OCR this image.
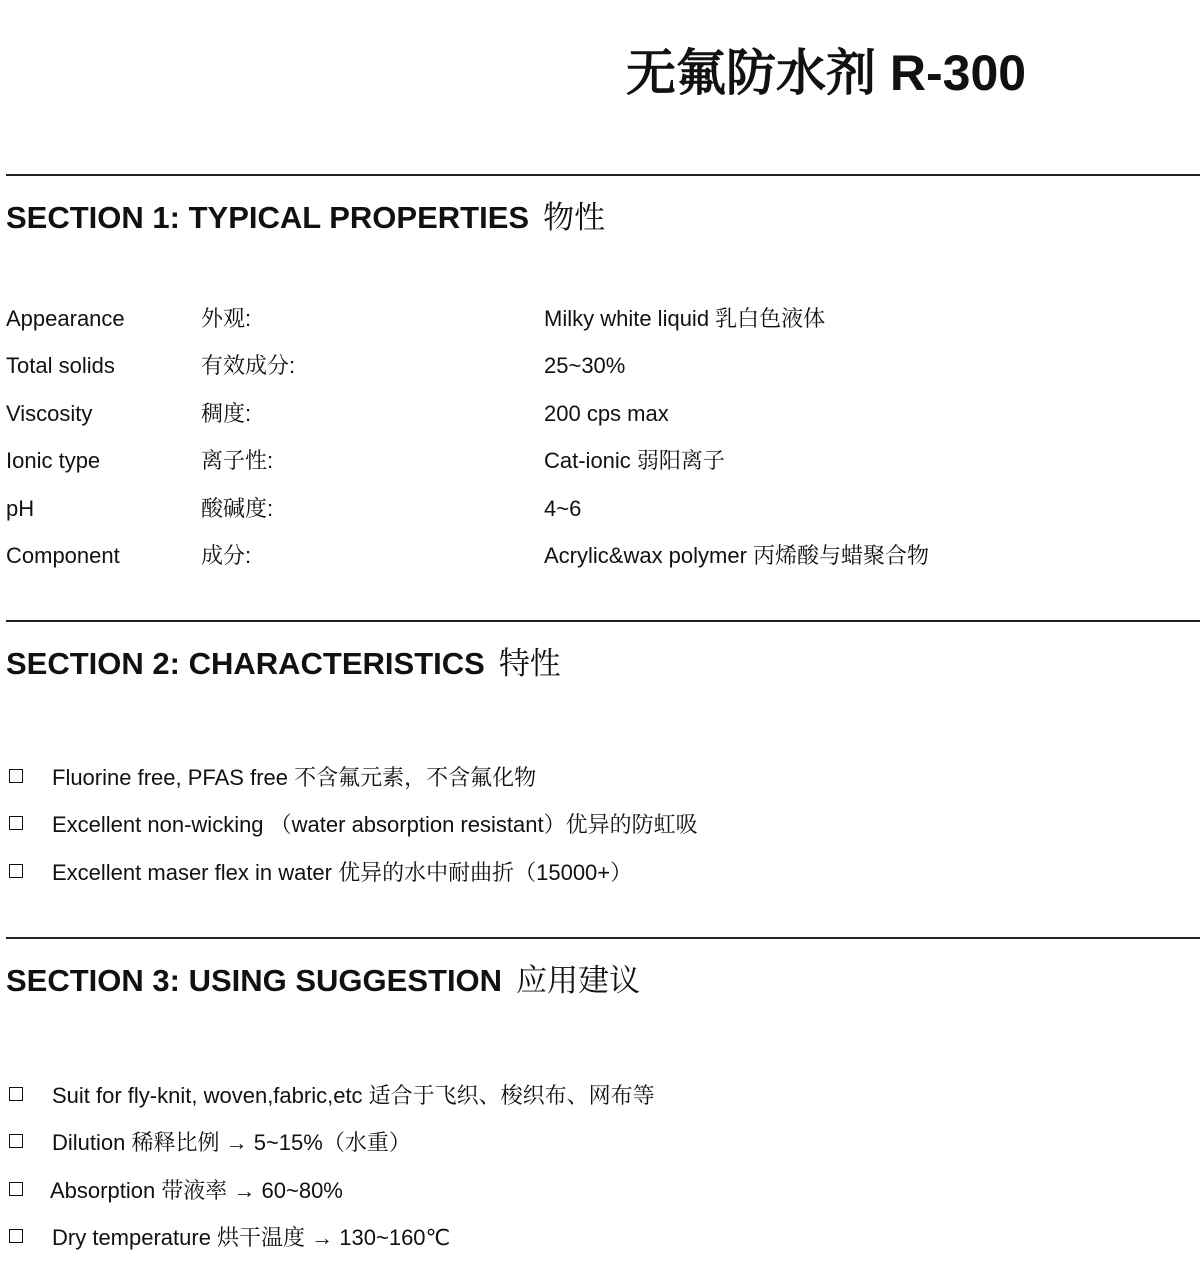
无氟防水剂 R-300
SECTION 1: TYPICAL PROPERTIES 物性
Appearance	外观:	Milky white liquid 乳白色液体
Total solids	有效成分:	25~30%
Viscosity	稠度:	200 cps max
Ionic type	离子性:	Cat-ionic 弱阳离子
pH	酸碱度:	4~6
Component	成分:	Acrylic&wax polymer 丙烯酸与蜡聚合物
SECTION 2: CHARACTERISTICS 特性
Fluorine free, PFAS free 不含氟元素，不含氟化物
Excellent non-wicking （water absorption resistant）优异的防虹吸
Excellent maser flex in water 优异的水中耐曲折（15000+）
SECTION 3: USING SUGGESTION 应用建议
Suit for fly-knit, woven,fabric,etc 适合于飞织、梭织布、网布等
Dilution 稀释比例 → 5~15%（水重）
Absorption 带液率 → 60~80%
Dry temperature 烘干温度 → 130~160℃
